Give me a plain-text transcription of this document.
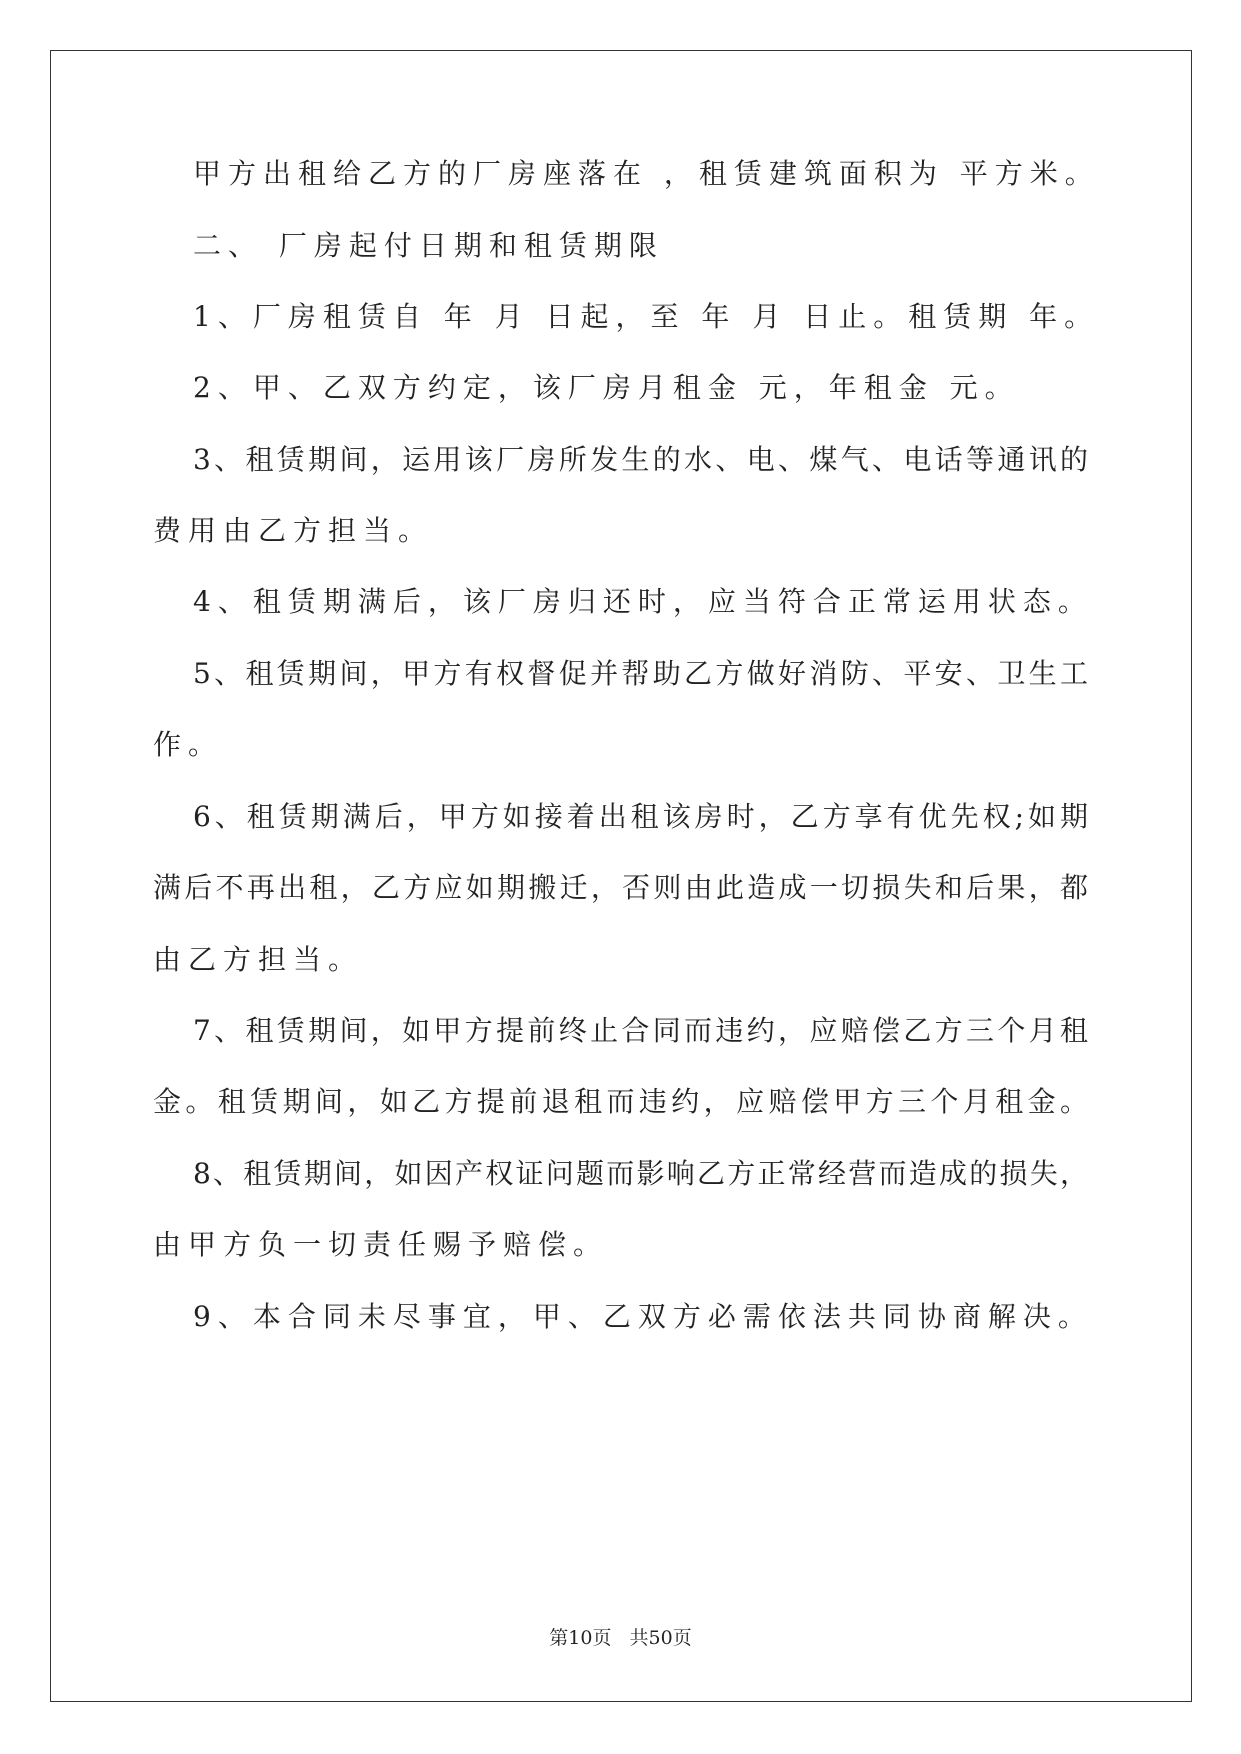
甲方出租给乙方的厂房座落在 ，租赁建筑面积为 平方米。
二、 厂房起付日期和租赁期限
1、厂房租赁自 年 月 日起，至 年 月 日止。租赁期 年。
2、甲、乙双方约定，该厂房月租金 元，年租金 元。
3、租赁期间，运用该厂房所发生的水、电、煤气、电话等通讯的
费用由乙方担当。
4、租赁期满后，该厂房归还时，应当符合正常运用状态。
5、租赁期间，甲方有权督促并帮助乙方做好消防、平安、卫生工
作。
6、租赁期满后，甲方如接着出租该房时，乙方享有优先权;如期
满后不再出租，乙方应如期搬迁，否则由此造成一切损失和后果，都
由乙方担当。
7、租赁期间，如甲方提前终止合同而违约，应赔偿乙方三个月租
金。租赁期间，如乙方提前退租而违约，应赔偿甲方三个月租金。
8、租赁期间，如因产权证问题而影响乙方正常经营而造成的损失，
由甲方负一切责任赐予赔偿。
9、本合同未尽事宜，甲、乙双方必需依法共同协商解决。
第10页 共50页
